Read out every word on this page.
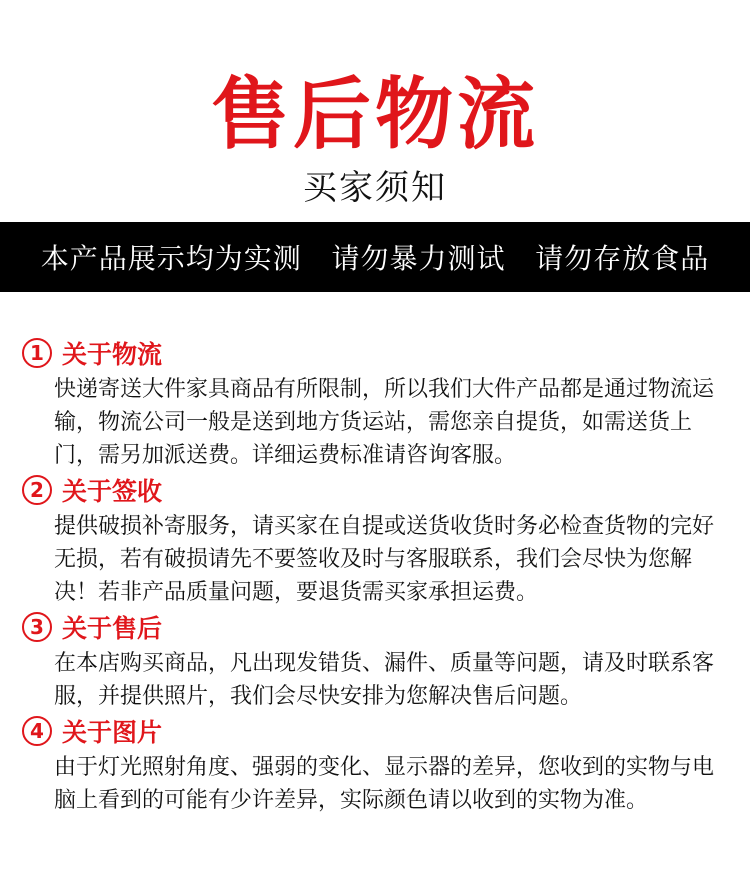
售后物流
买家须知
本产品展示均为实测   请勿暴力测试   请勿存放食品
1 关于物流
快递寄送大件家具商品有所限制，所以我们大件产品都是通过物流运输，物流公司一般是送到地方货运站，需您亲自提货，如需送货上门，需另加派送费。详细运费标准请咨询客服。
2 关于签收
提供破损补寄服务，请买家在自提或送货收货时务必检查货物的完好无损，若有破损请先不要签收及时与客服联系，我们会尽快为您解决！若非产品质量问题，要退货需买家承担运费。
3 关于售后
在本店购买商品，凡出现发错货、漏件、质量等问题，请及时联系客服，并提供照片，我们会尽快安排为您解决售后问题。
4 关于图片
由于灯光照射角度、强弱的变化、显示器的差异，您收到的实物与电脑上看到的可能有少许差异，实际颜色请以收到的实物为准。
